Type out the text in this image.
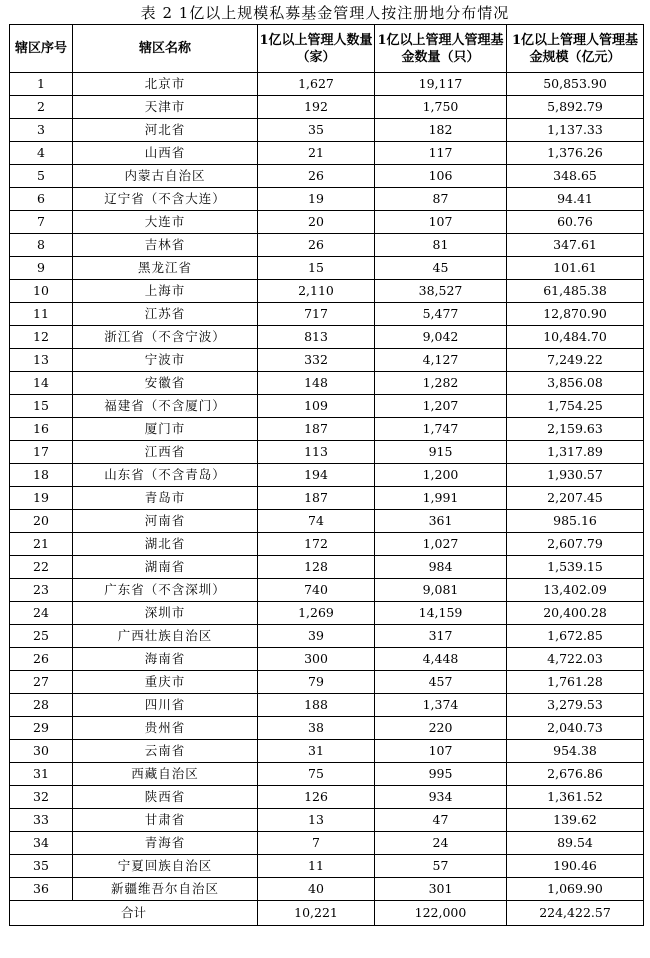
表 2 1亿以上规模私募基金管理人按注册地分布情况
辖区序号	辖区名称	1亿以上管理人数量（家）	1亿以上管理人管理基金数量（只）	1亿以上管理人管理基金规模（亿元）
1	北京市	1,627	19,117	50,853.90
2	天津市	192	1,750	5,892.79
3	河北省	35	182	1,137.33
4	山西省	21	117	1,376.26
5	内蒙古自治区	26	106	348.65
6	辽宁省（不含大连）	19	87	94.41
7	大连市	20	107	60.76
8	吉林省	26	81	347.61
9	黑龙江省	15	45	101.61
10	上海市	2,110	38,527	61,485.38
11	江苏省	717	5,477	12,870.90
12	浙江省（不含宁波）	813	9,042	10,484.70
13	宁波市	332	4,127	7,249.22
14	安徽省	148	1,282	3,856.08
15	福建省（不含厦门）	109	1,207	1,754.25
16	厦门市	187	1,747	2,159.63
17	江西省	113	915	1,317.89
18	山东省（不含青岛）	194	1,200	1,930.57
19	青岛市	187	1,991	2,207.45
20	河南省	74	361	985.16
21	湖北省	172	1,027	2,607.79
22	湖南省	128	984	1,539.15
23	广东省（不含深圳）	740	9,081	13,402.09
24	深圳市	1,269	14,159	20,400.28
25	广西壮族自治区	39	317	1,672.85
26	海南省	300	4,448	4,722.03
27	重庆市	79	457	1,761.28
28	四川省	188	1,374	3,279.53
29	贵州省	38	220	2,040.73
30	云南省	31	107	954.38
31	西藏自治区	75	995	2,676.86
32	陕西省	126	934	1,361.52
33	甘肃省	13	47	139.62
34	青海省	7	24	89.54
35	宁夏回族自治区	11	57	190.46
36	新疆维吾尔自治区	40	301	1,069.90
合计		10,221	122,000	224,422.57
